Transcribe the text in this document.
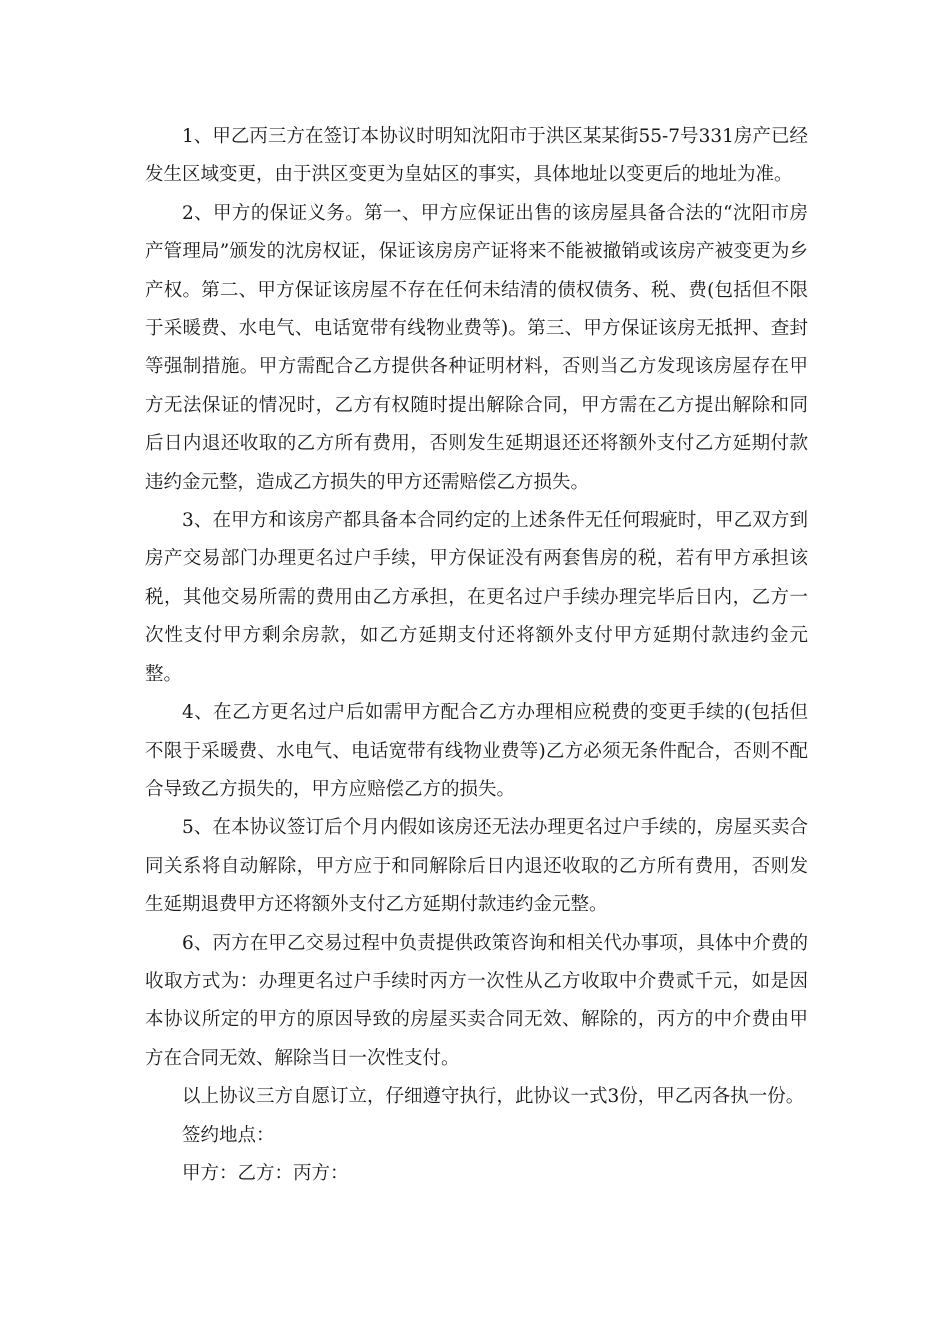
1、甲乙丙三方在签订本协议时明知沈阳市于洪区某某街55-7号331房产已经发生区域变更，由于洪区变更为皇姑区的事实，具体地址以变更后的地址为准。

2、甲方的保证义务。第一、甲方应保证出售的该房屋具备合法的“沈阳市房产管理局”颁发的沈房权证，保证该房房产证将来不能被撤销或该房产被变更为乡产权。第二、甲方保证该房屋不存在任何未结清的债权债务、税、费(包括但不限于采暖费、水电气、电话宽带有线物业费等)。第三、甲方保证该房无抵押、查封等强制措施。甲方需配合乙方提供各种证明材料，否则当乙方发现该房屋存在甲方无法保证的情况时，乙方有权随时提出解除合同，甲方需在乙方提出解除和同后日内退还收取的乙方所有费用，否则发生延期退还还将额外支付乙方延期付款违约金元整，造成乙方损失的甲方还需赔偿乙方损失。

3、在甲方和该房产都具备本合同约定的上述条件无任何瑕疵时，甲乙双方到房产交易部门办理更名过户手续，甲方保证没有两套售房的税，若有甲方承担该税，其他交易所需的费用由乙方承担，在更名过户手续办理完毕后日内，乙方一次性支付甲方剩余房款，如乙方延期支付还将额外支付甲方延期付款违约金元整。

4、在乙方更名过户后如需甲方配合乙方办理相应税费的变更手续的(包括但不限于采暖费、水电气、电话宽带有线物业费等)乙方必须无条件配合，否则不配合导致乙方损失的，甲方应赔偿乙方的损失。

5、在本协议签订后个月内假如该房还无法办理更名过户手续的，房屋买卖合同关系将自动解除，甲方应于和同解除后日内退还收取的乙方所有费用，否则发生延期退费甲方还将额外支付乙方延期付款违约金元整。

6、丙方在甲乙交易过程中负责提供政策咨询和相关代办事项，具体中介费的收取方式为：办理更名过户手续时丙方一次性从乙方收取中介费贰千元，如是因本协议所定的甲方的原因导致的房屋买卖合同无效、解除的，丙方的中介费由甲方在合同无效、解除当日一次性支付。

以上协议三方自愿订立，仔细遵守执行，此协议一式3份，甲乙丙各执一份。

签约地点：

甲方：乙方：丙方：
